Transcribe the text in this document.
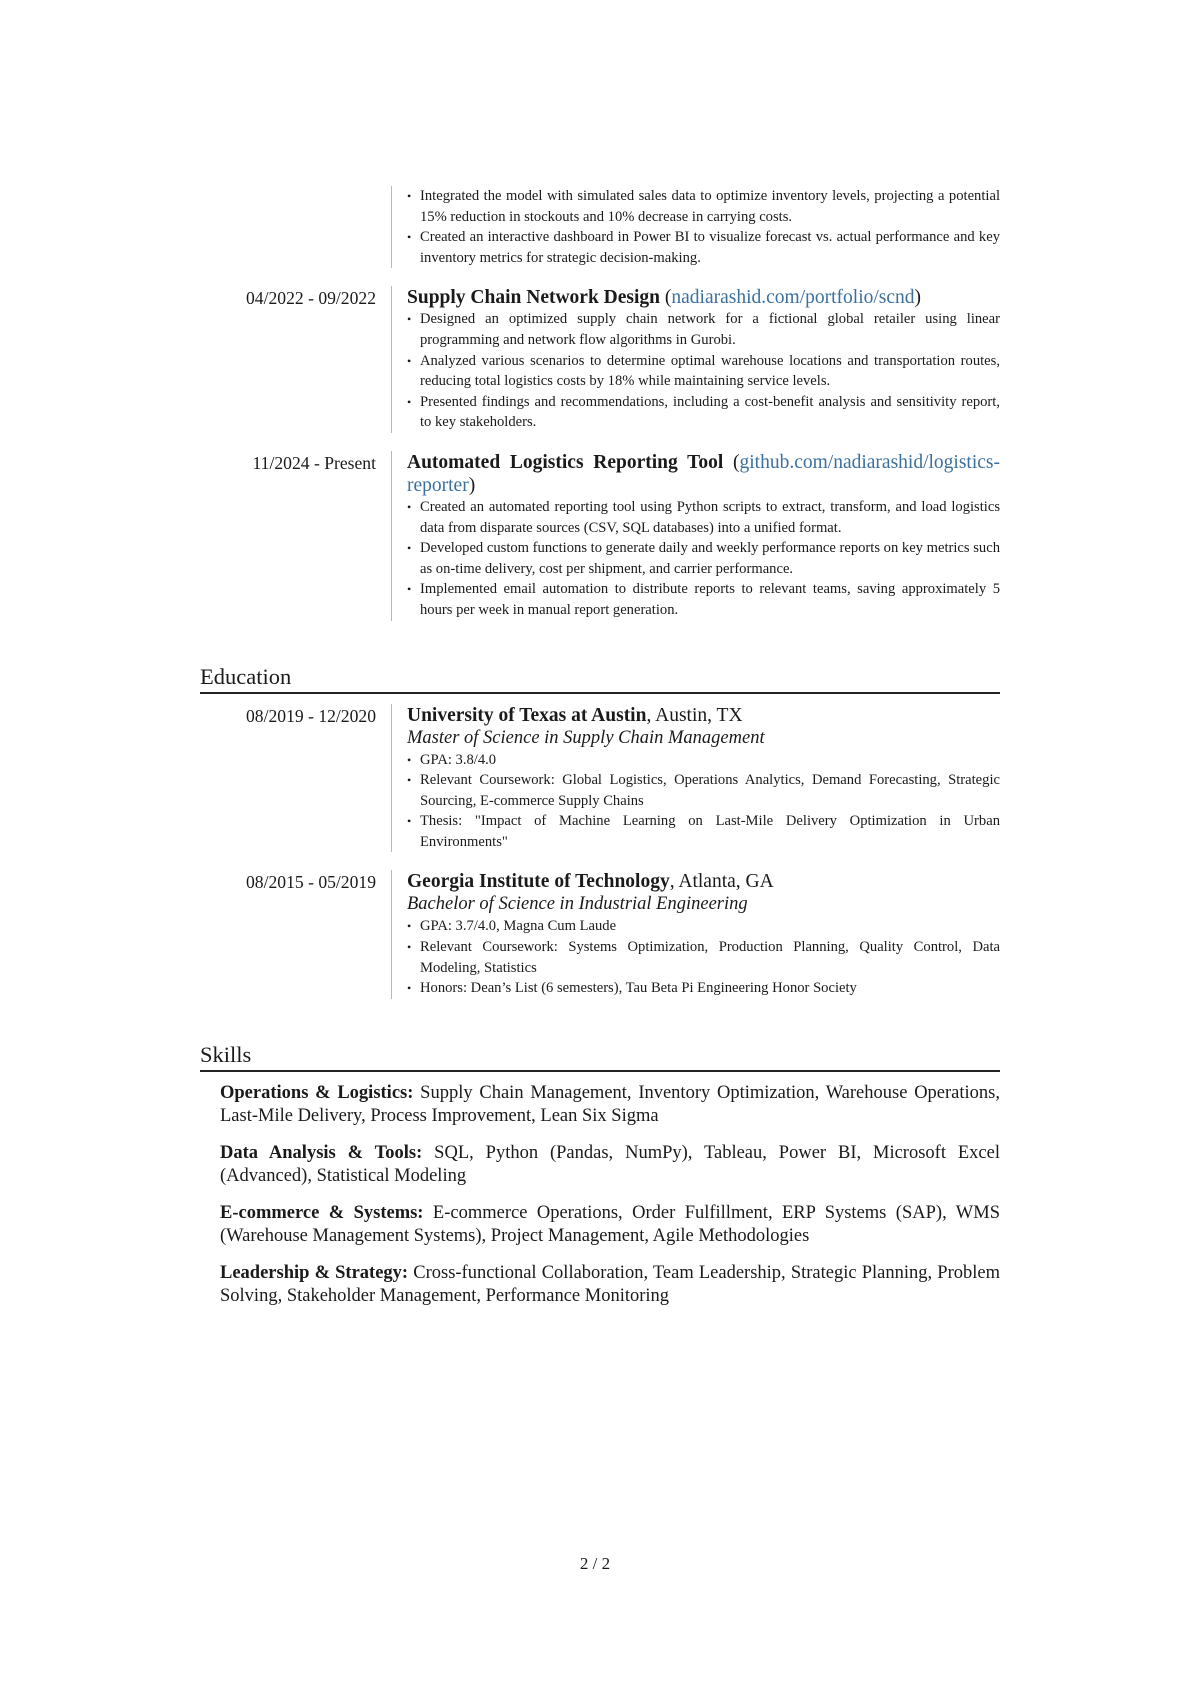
• Integrated the model with simulated sales data to optimize inventory levels, projecting a potential 15% reduction in stockouts and 10% decrease in carrying costs.
• Created an interactive dashboard in Power BI to visualize forecast vs. actual performance and key inventory metrics for strategic decision-making.
04/2022 - 09/2022	Supply Chain Network Design (nadiarashid.com/portfolio/scnd)
• Designed an optimized supply chain network for a fictional global retailer using linear programming and network flow algorithms in Gurobi.
• Analyzed various scenarios to determine optimal warehouse locations and transportation routes, reducing total logistics costs by 18% while maintaining service levels.
• Presented findings and recommendations, including a cost-benefit analysis and sensitivity report, to key stakeholders.
11/2024 - Present	Automated Logistics Reporting Tool (github.com/nadiarashid/logistics-reporter)
• Created an automated reporting tool using Python scripts to extract, transform, and load logistics data from disparate sources (CSV, SQL databases) into a unified format.
• Developed custom functions to generate daily and weekly performance reports on key metrics such as on-time delivery, cost per shipment, and carrier performance.
• Implemented email automation to distribute reports to relevant teams, saving approximately 5 hours per week in manual report generation.
Education
08/2019 - 12/2020	University of Texas at Austin, Austin, TX
Master of Science in Supply Chain Management
• GPA: 3.8/4.0
• Relevant Coursework: Global Logistics, Operations Analytics, Demand Forecasting, Strategic Sourcing, E-commerce Supply Chains
• Thesis: "Impact of Machine Learning on Last-Mile Delivery Optimization in Urban Environments"
08/2015 - 05/2019	Georgia Institute of Technology, Atlanta, GA
Bachelor of Science in Industrial Engineering
• GPA: 3.7/4.0, Magna Cum Laude
• Relevant Coursework: Systems Optimization, Production Planning, Quality Control, Data Modeling, Statistics
• Honors: Dean’s List (6 semesters), Tau Beta Pi Engineering Honor Society
Skills

Operations & Logistics: Supply Chain Management, Inventory Optimization, Warehouse Operations, Last-Mile Delivery, Process Improvement, Lean Six Sigma

Data Analysis & Tools: SQL, Python (Pandas, NumPy), Tableau, Power BI, Microsoft Excel (Advanced), Statistical Modeling

E-commerce & Systems: E-commerce Operations, Order Fulfillment, ERP Systems (SAP), WMS (Warehouse Management Systems), Project Management, Agile Methodologies

Leadership & Strategy: Cross-functional Collaboration, Team Leadership, Strategic Planning, Problem Solving, Stakeholder Management, Performance Monitoring

2 / 2
